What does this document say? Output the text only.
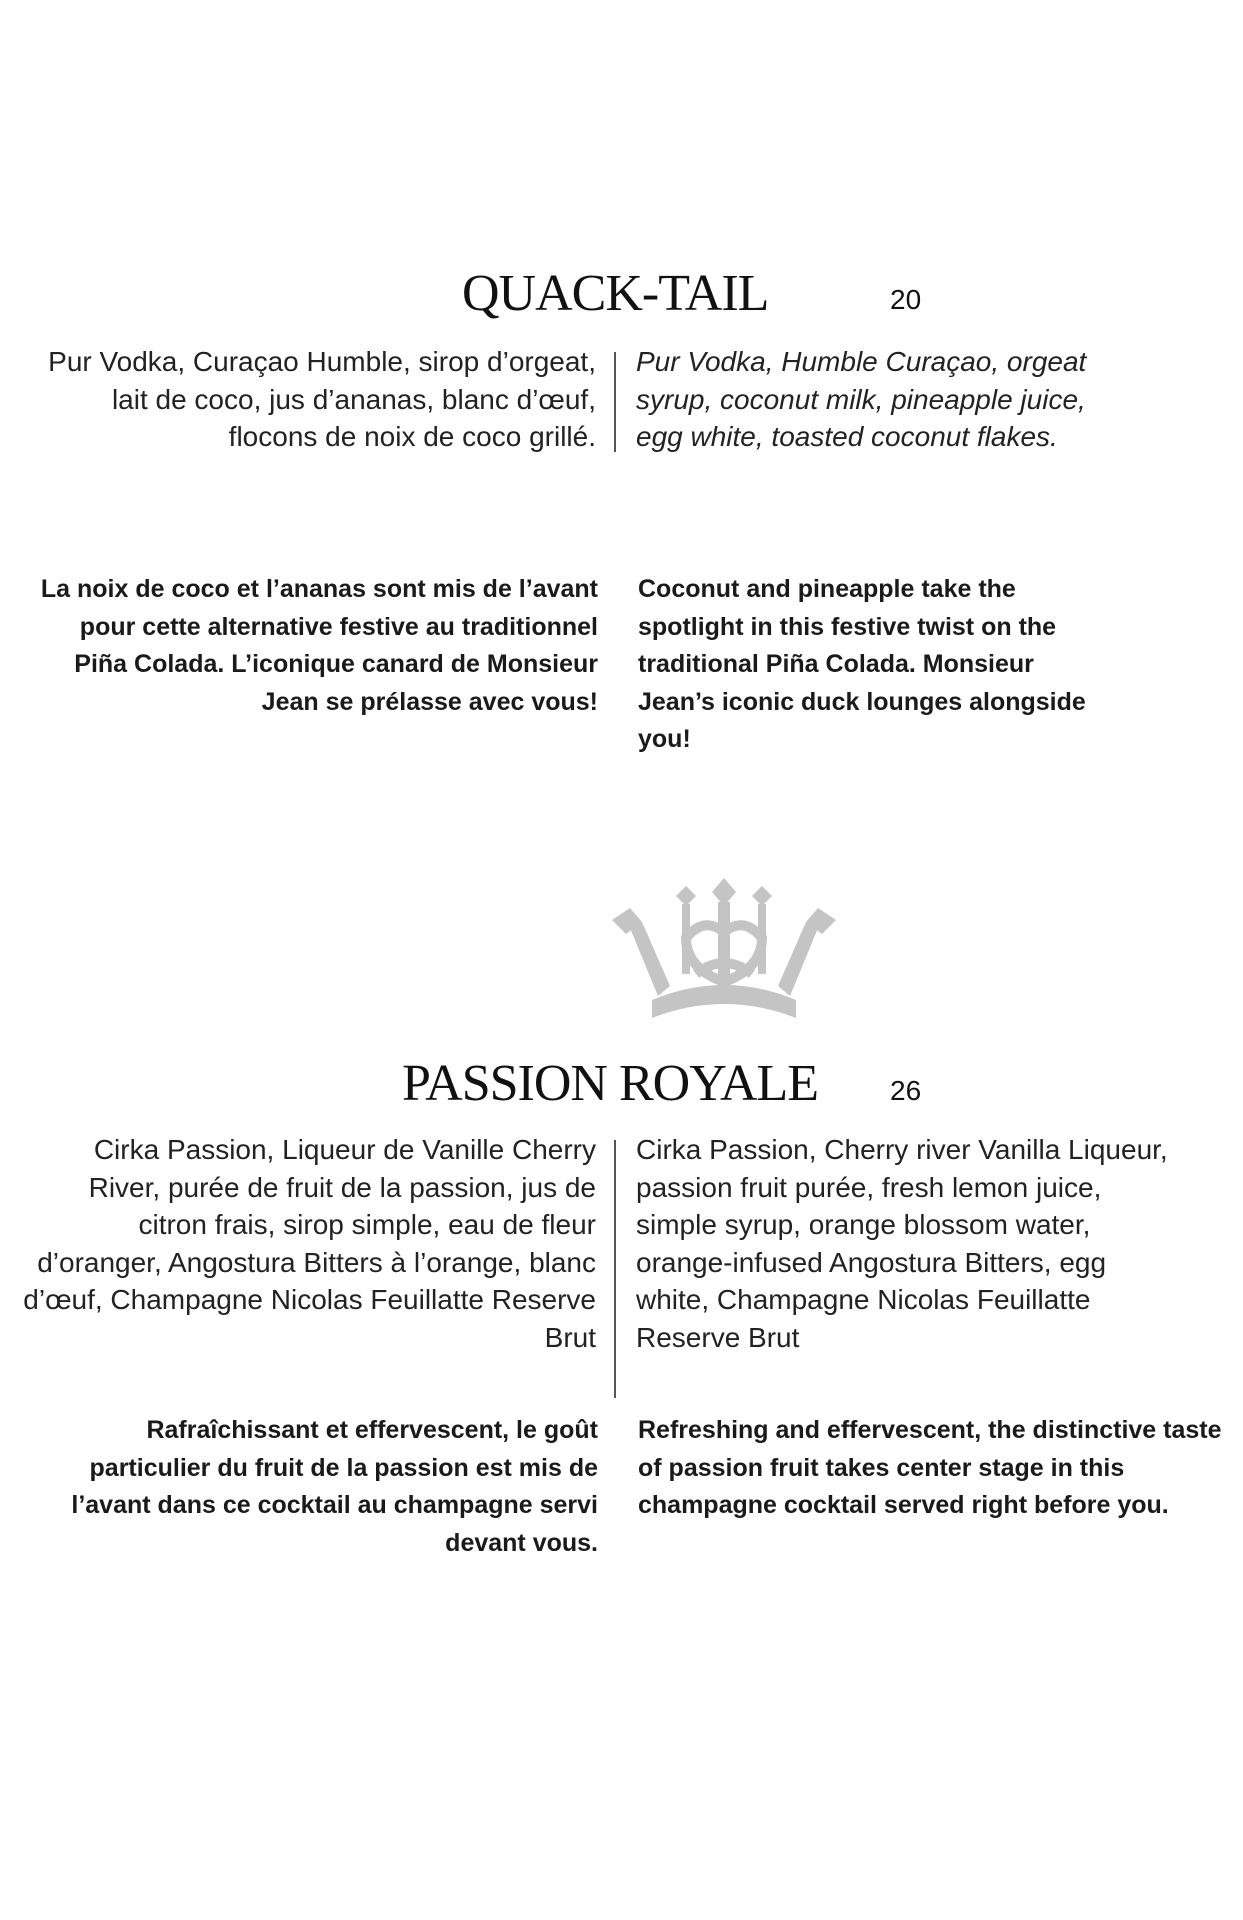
QUACK-TAIL	20

Pur Vodka, Curaçao Humble, sirop d’orgeat, lait de coco, jus d’ananas, blanc d’œuf, flocons de noix de coco grillé.

Pur Vodka, Humble Curaçao, orgeat syrup, coconut milk, pineapple juice, egg white, toasted coconut flakes.

La noix de coco et l’ananas sont mis de l’avant pour cette alternative festive au traditionnel Piña Colada. L’iconique canard de Monsieur Jean se prélasse avec vous!

Coconut and pineapple take the spotlight in this festive twist on the traditional Piña Colada. Monsieur Jean’s iconic duck lounges alongside you!

PASSION ROYALE	26

Cirka Passion, Liqueur de Vanille Cherry River, purée de fruit de la passion, jus de citron frais, sirop simple, eau de fleur d’oranger, Angostura Bitters à l’orange, blanc d’œuf, Champagne Nicolas Feuillatte Reserve Brut

Cirka Passion, Cherry river Vanilla Liqueur, passion fruit purée, fresh lemon juice, simple syrup, orange blossom water, orange-infused Angostura Bitters, egg white, Champagne Nicolas Feuillatte Reserve Brut

Rafraîchissant et effervescent, le goût particulier du fruit de la passion est mis de l’avant dans ce cocktail au champagne servi devant vous.

Refreshing and effervescent, the distinctive taste of passion fruit takes center stage in this champagne cocktail served right before you.
